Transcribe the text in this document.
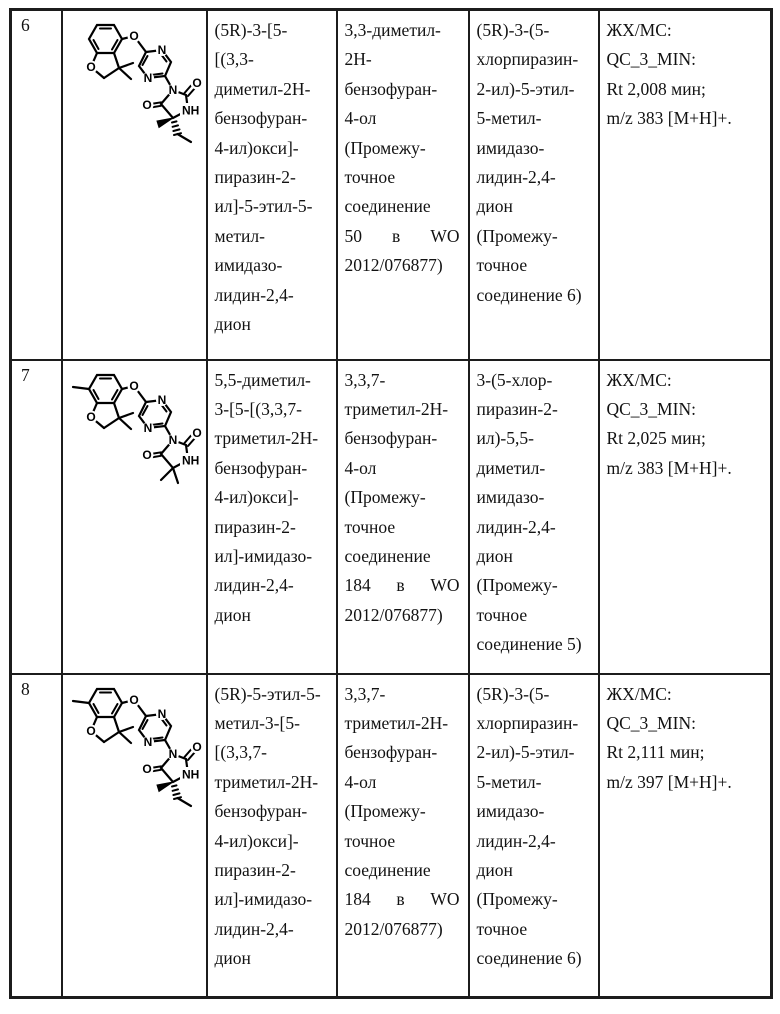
6		(5R)-3-[5-
[(3,3-
диметил-2H-
бензофуран-
4-ил)окси]-
пиразин-2-
ил]-5-этил-5-
метил-
имидазо-
лидин-2,4-
дион

3,3-диметил-
2H-
бензофуран-
4-ол
(Промежу-
точное
соединение
50 в WO
2012/076877)

(5R)-3-(5-
хлорпиразин-
2-ил)-5-этил-
5-метил-
имидазо-
лидин-2,4-
дион
(Промежу-
точное
соединение 6)

ЖХ/МС:
QC_3_MIN:
Rt 2,008 мин;
m/z 383 [M+H]+.

7		5,5-диметил-
3-[5-[(3,3,7-
триметил-2H-
бензофуран-
4-ил)окси]-
пиразин-2-
ил]-имидазо-
лидин-2,4-
дион

3,3,7-
триметил-2H-
бензофуран-
4-ол
(Промежу-
точное
соединение
184 в WO
2012/076877)

3-(5-хлор-
пиразин-2-
ил)-5,5-
диметил-
имидазо-
лидин-2,4-
дион
(Промежу-
точное
соединение 5)

ЖХ/МС:
QC_3_MIN:
Rt 2,025 мин;
m/z 383 [M+H]+.

8		(5R)-5-этил-5-
метил-3-[5-
[(3,3,7-
триметил-2H-
бензофуран-
4-ил)окси]-
пиразин-2-
ил]-имидазо-
лидин-2,4-
дион

3,3,7-
триметил-2H-
бензофуран-
4-ол
(Промежу-
точное
соединение
184 в WO
2012/076877)

(5R)-3-(5-
хлорпиразин-
2-ил)-5-этил-
5-метил-
имидазо-
лидин-2,4-
дион
(Промежу-
точное
соединение 6)

ЖХ/МС:
QC_3_MIN:
Rt 2,111 мин;
m/z 397 [M+H]+.
